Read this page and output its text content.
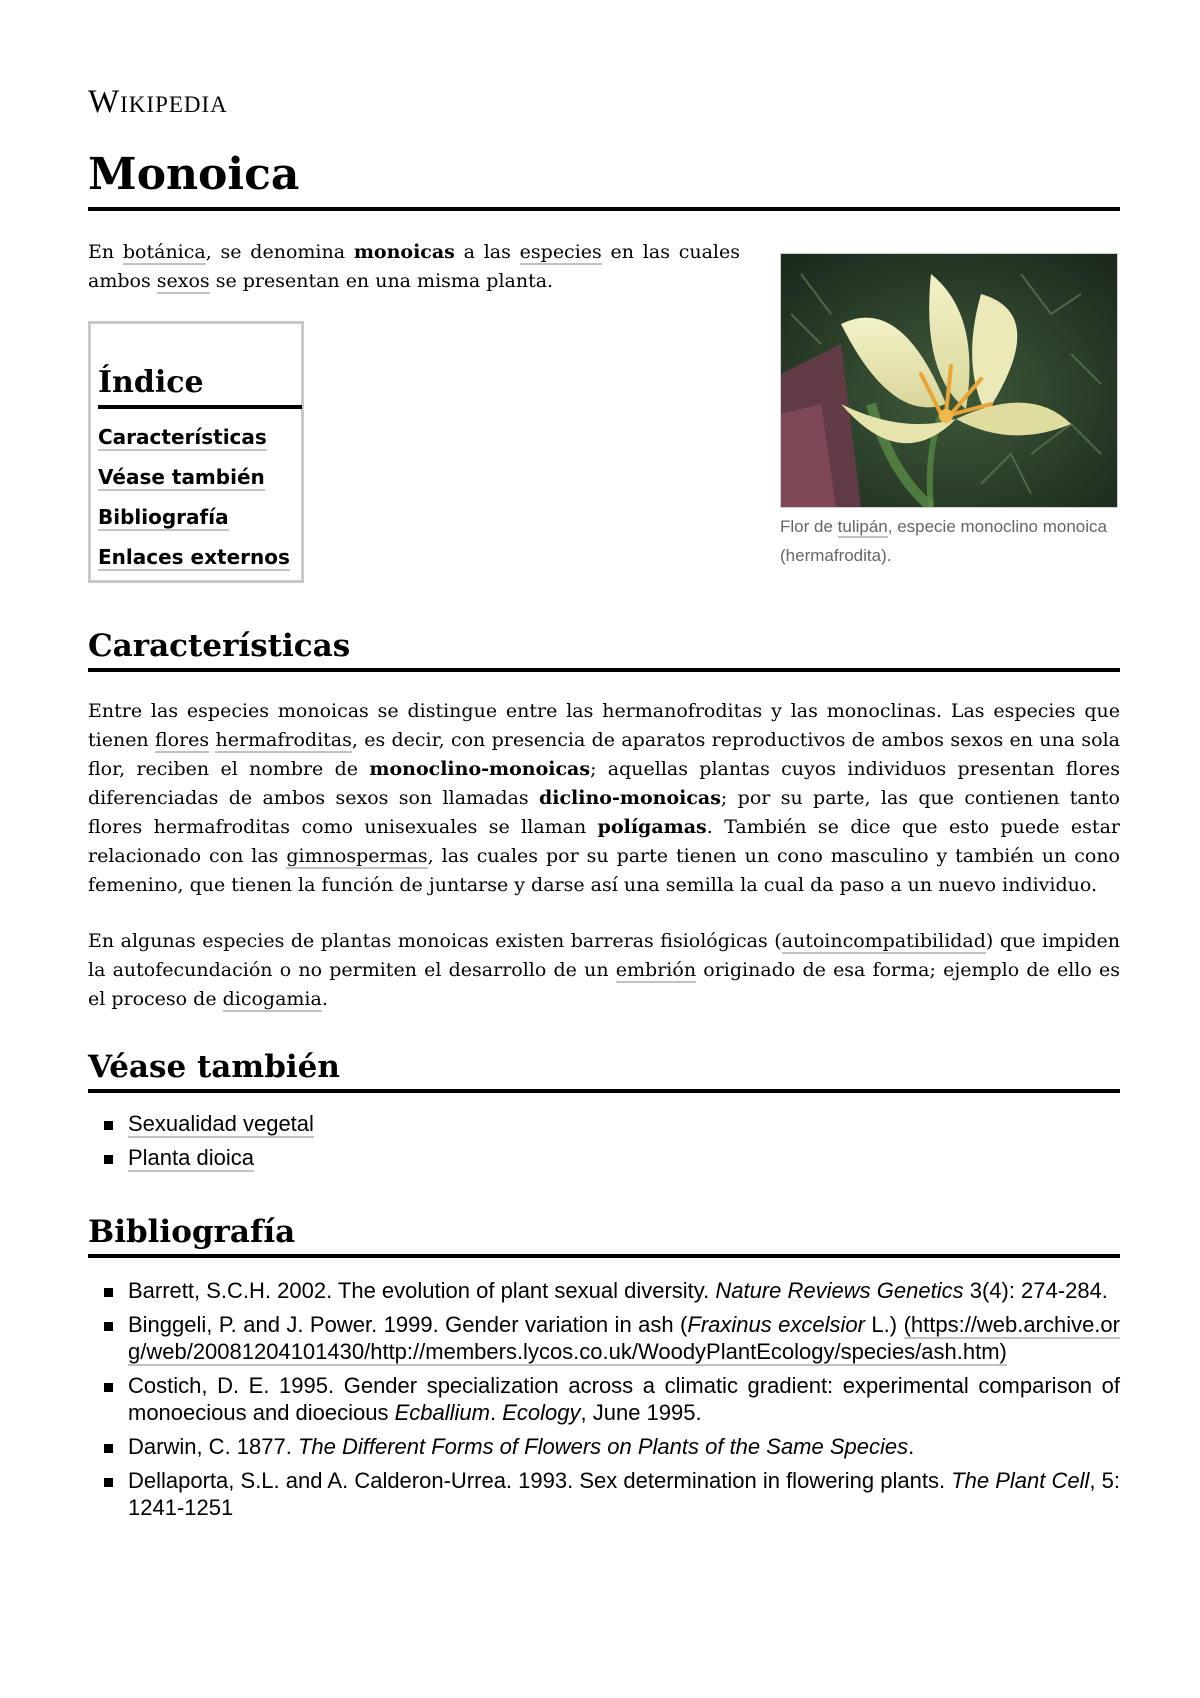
Wikipedia
Monoica

En botánica, se denomina monoicas a las especies en las cuales ambos sexos se presentan en una misma planta.

Flor de tulipán, especie monoclino monoica (hermafrodita).
Índice
Características
Véase también
Bibliografía
Enlaces externos
Características

Entre las especies monoicas se distingue entre las hermanofroditas y las monoclinas. Las especies que tienen flores hermafroditas, es decir, con presencia de aparatos reproductivos de ambos sexos en una sola flor, reciben el nombre de monoclino-monoicas; aquellas plantas cuyos individuos presentan flores diferenciadas de ambos sexos son llamadas diclino-monoicas; por su parte, las que contienen tanto flores hermafroditas como unisexuales se llaman polígamas. También se dice que esto puede estar relacionado con las gimnospermas, las cuales por su parte tienen un cono masculino y también un cono femenino, que tienen la función de juntarse y darse así una semilla la cual da paso a un nuevo individuo.

En algunas especies de plantas monoicas existen barreras fisiológicas (autoincompatibilidad) que impiden la autofecundación o no permiten el desarrollo de un embrión originado de esa forma; ejemplo de ello es el proceso de dicogamia.

Véase también
Sexualidad vegetal
Planta dioica
Bibliografía
Barrett, S.C.H. 2002. The evolution of plant sexual diversity. Nature Reviews Genetics 3(4): 274-284.
Binggeli, P. and J. Power. 1999. Gender variation in ash (Fraxinus excelsior L.) (https://web.archive.org/web/20081204101430/http://members.lycos.co.uk/WoodyPlantEcology/species/ash.htm)
Costich, D. E. 1995. Gender specialization across a climatic gradient: experimental comparison of monoecious and dioecious Ecballium. Ecology, June 1995.
Darwin, C. 1877. The Different Forms of Flowers on Plants of the Same Species.
Dellaporta, S.L. and A. Calderon-Urrea. 1993. Sex determination in flowering plants. The Plant Cell, 5: 1241-1251
